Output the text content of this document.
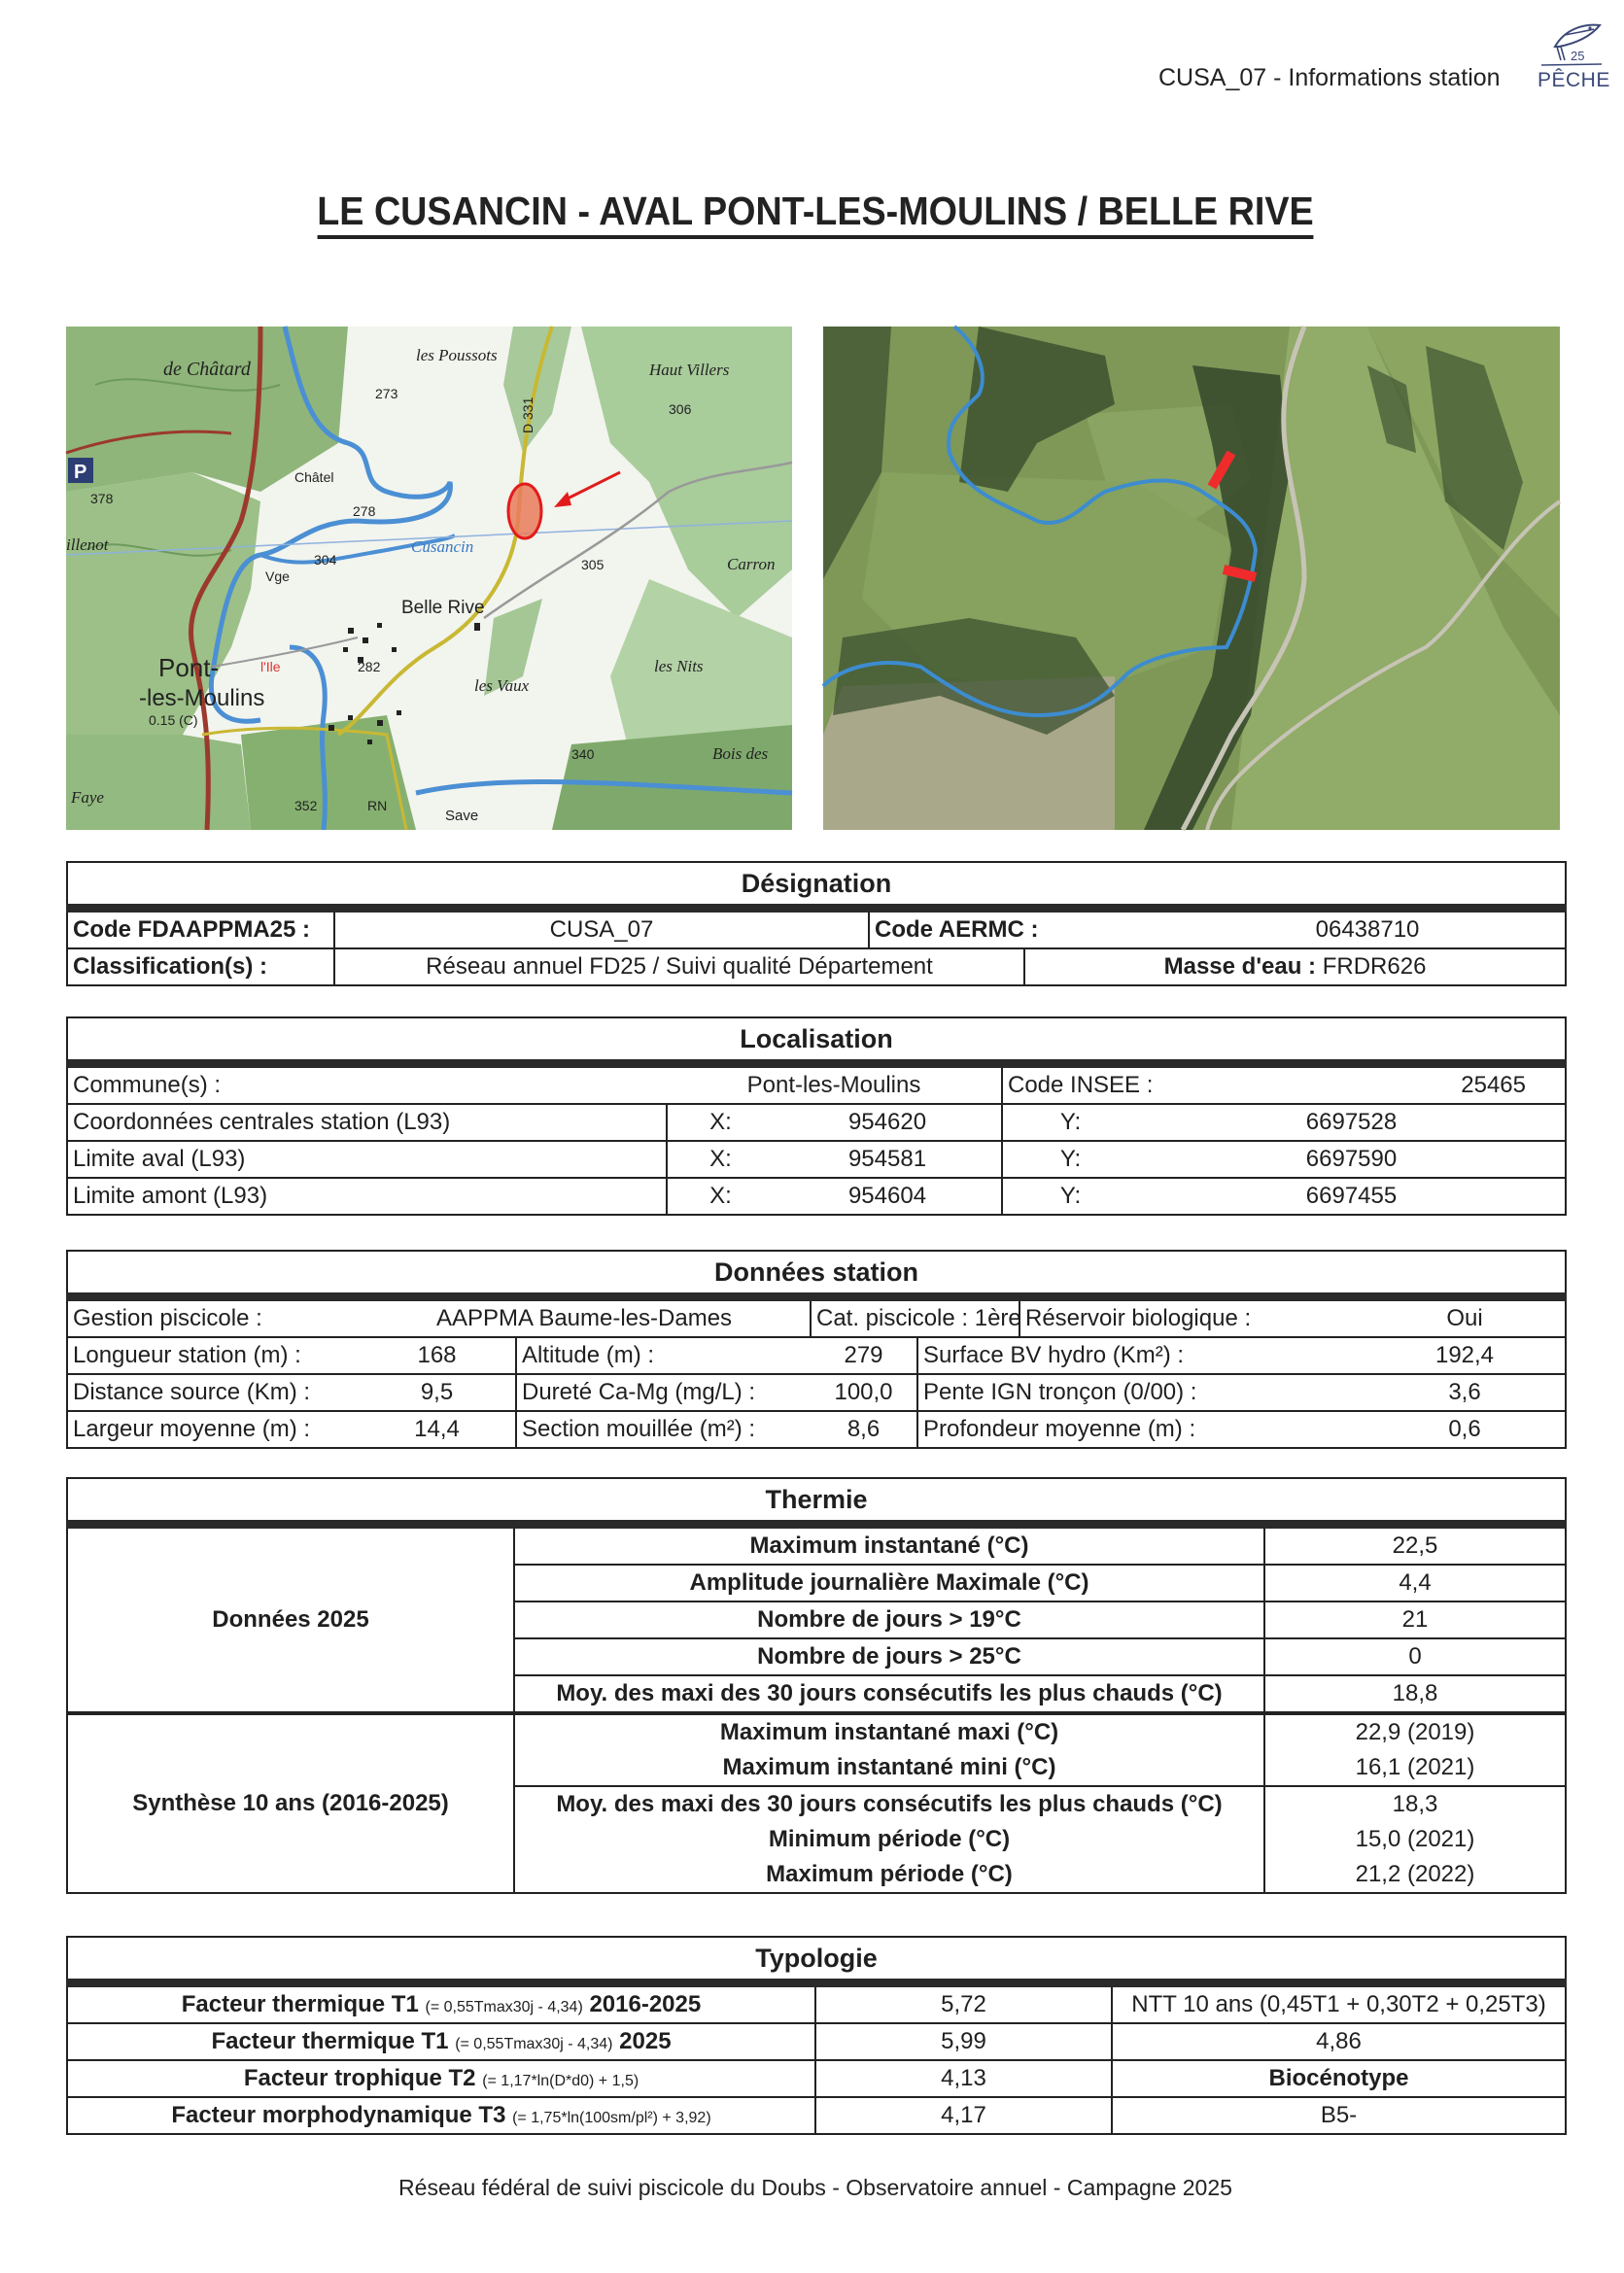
CUSA_07 - Informations station
25
PÊCHE
LE CUSANCIN - AVAL PONT-LES-MOULINS / BELLE RIVE
P
de Châtard
les Poussots
Haut Villers
Carron
illenot
les Vaux
les Nits
Bois des
Faye
Cusancin
273
306
378
278
304	305
282
340
352	RN
Châtel
Vge
Belle Rive
Save
Pont-
-les-Moulins
0.15 (C)
l'Ile
D 331
Désignation				
Code FDAAPPMA25 :	CUSA_07	Code AERMC :		06438710
Classification(s) :	Réseau annuel FD25 / Suivi qualité Département		Masse d'eau : FRDR626	
Localisation				
Commune(s) :	Pont-les-Moulins		Code INSEE :	25465
Coordonnées centrales station (L93)	X:	954620	Y:	6697528
Limite aval (L93)	X:	954581	Y:	6697590
Limite amont (L93)	X:	954604	Y:	6697455
Données station						
Gestion piscicole :	AAPPMA Baume-les-Dames		Cat. piscicole : 1ère		Réservoir biologique :	Oui
Longueur station (m) :	168	Altitude (m) :	279	Surface BV hydro (Km²) :		192,4
Distance source (Km) :	9,5	Dureté Ca-Mg (mg/L) :	100,0	Pente IGN tronçon (0/00) :		3,6
Largeur moyenne (m) :	14,4	Section mouillée (m²) :	8,6	Profondeur moyenne (m) :		0,6
Thermie		
Données 2025	Maximum instantané (°C)	22,5
	Amplitude journalière Maximale (°C)	4,4
	Nombre de jours > 19°C	21
	Nombre de jours > 25°C	0
	Moy. des maxi des 30 jours consécutifs les plus chauds (°C)	18,8
Synthèse 10 ans (2016-2025)	Maximum instantané maxi (°C)	22,9 (2019)
	Maximum instantané mini (°C)	16,1 (2021)
	Moy. des maxi des 30 jours consécutifs les plus chauds (°C)	18,3
	Minimum période (°C)	15,0 (2021)
	Maximum période (°C)	21,2 (2022)
Typologie		
Facteur thermique T1 (= 0,55Tmax30j - 4,34) 2016-2025	5,72	NTT 10 ans (0,45T1 + 0,30T2 + 0,25T3)
Facteur thermique T1 (= 0,55Tmax30j - 4,34) 2025	5,99	4,86
Facteur trophique T2 (= 1,17*ln(D*d0) + 1,5)	4,13	Biocénotype
Facteur morphodynamique T3 (= 1,75*ln(100sm/pl²) + 3,92)	4,17	B5-
Réseau fédéral de suivi piscicole du Doubs - Observatoire annuel - Campagne 2025
